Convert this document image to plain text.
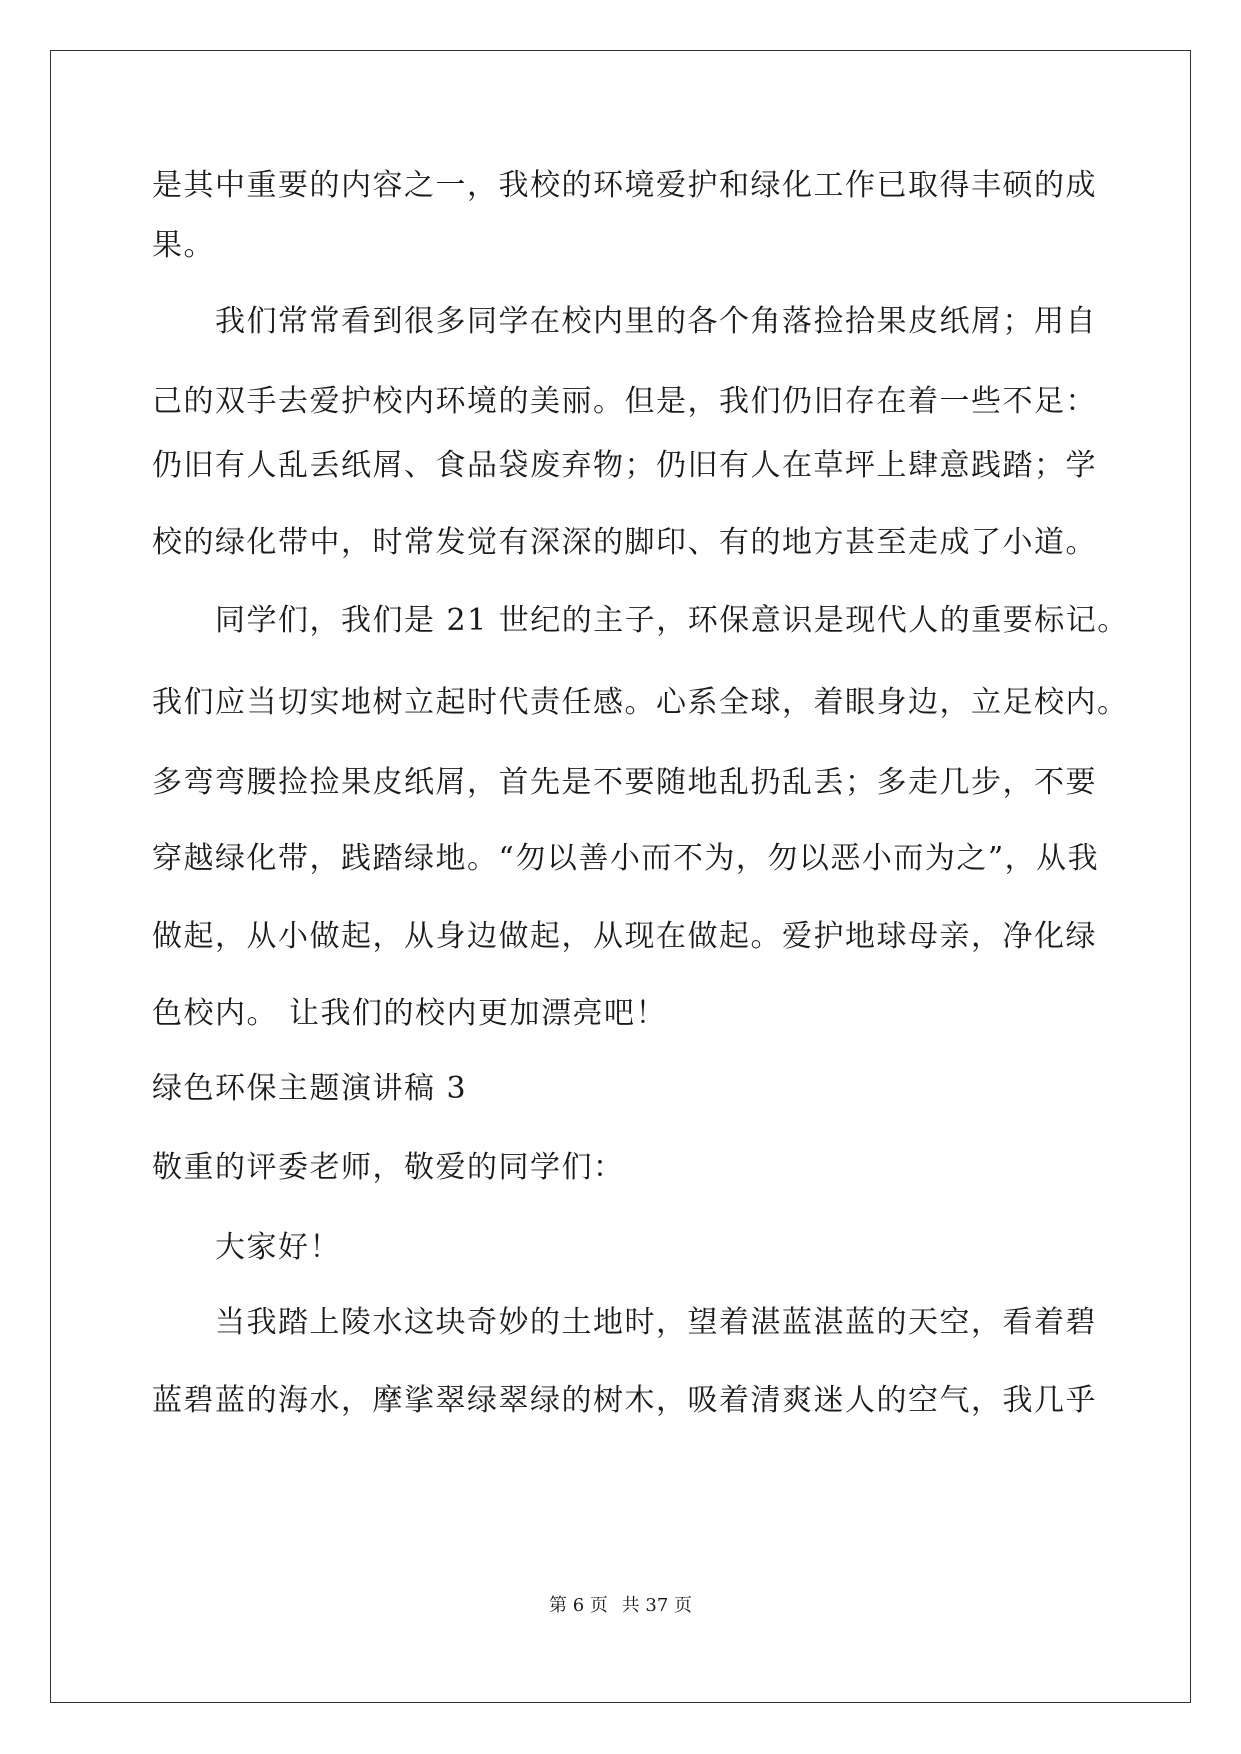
是其中重要的内容之一，我校的环境爱护和绿化工作已取得丰硕的成
果。
我们常常看到很多同学在校内里的各个角落捡拾果皮纸屑；用自
己的双手去爱护校内环境的美丽。但是，我们仍旧存在着一些不足：
仍旧有人乱丢纸屑、食品袋废弃物；仍旧有人在草坪上肆意践踏；学
校的绿化带中，时常发觉有深深的脚印、有的地方甚至走成了小道。
同学们，我们是 21 世纪的主子，环保意识是现代人的重要标记。
我们应当切实地树立起时代责任感。心系全球，着眼身边，立足校内。
多弯弯腰捡捡果皮纸屑，首先是不要随地乱扔乱丢；多走几步，不要
穿越绿化带，践踏绿地。“勿以善小而不为，勿以恶小而为之”，从我
做起，从小做起，从身边做起，从现在做起。爱护地球母亲，净化绿
色校内。 让我们的校内更加漂亮吧！
绿色环保主题演讲稿 3
敬重的评委老师，敬爱的同学们：
大家好！
当我踏上陵水这块奇妙的土地时，望着湛蓝湛蓝的天空，看着碧
蓝碧蓝的海水，摩挲翠绿翠绿的树木，吸着清爽迷人的空气，我几乎
第 6 页 共 37 页
